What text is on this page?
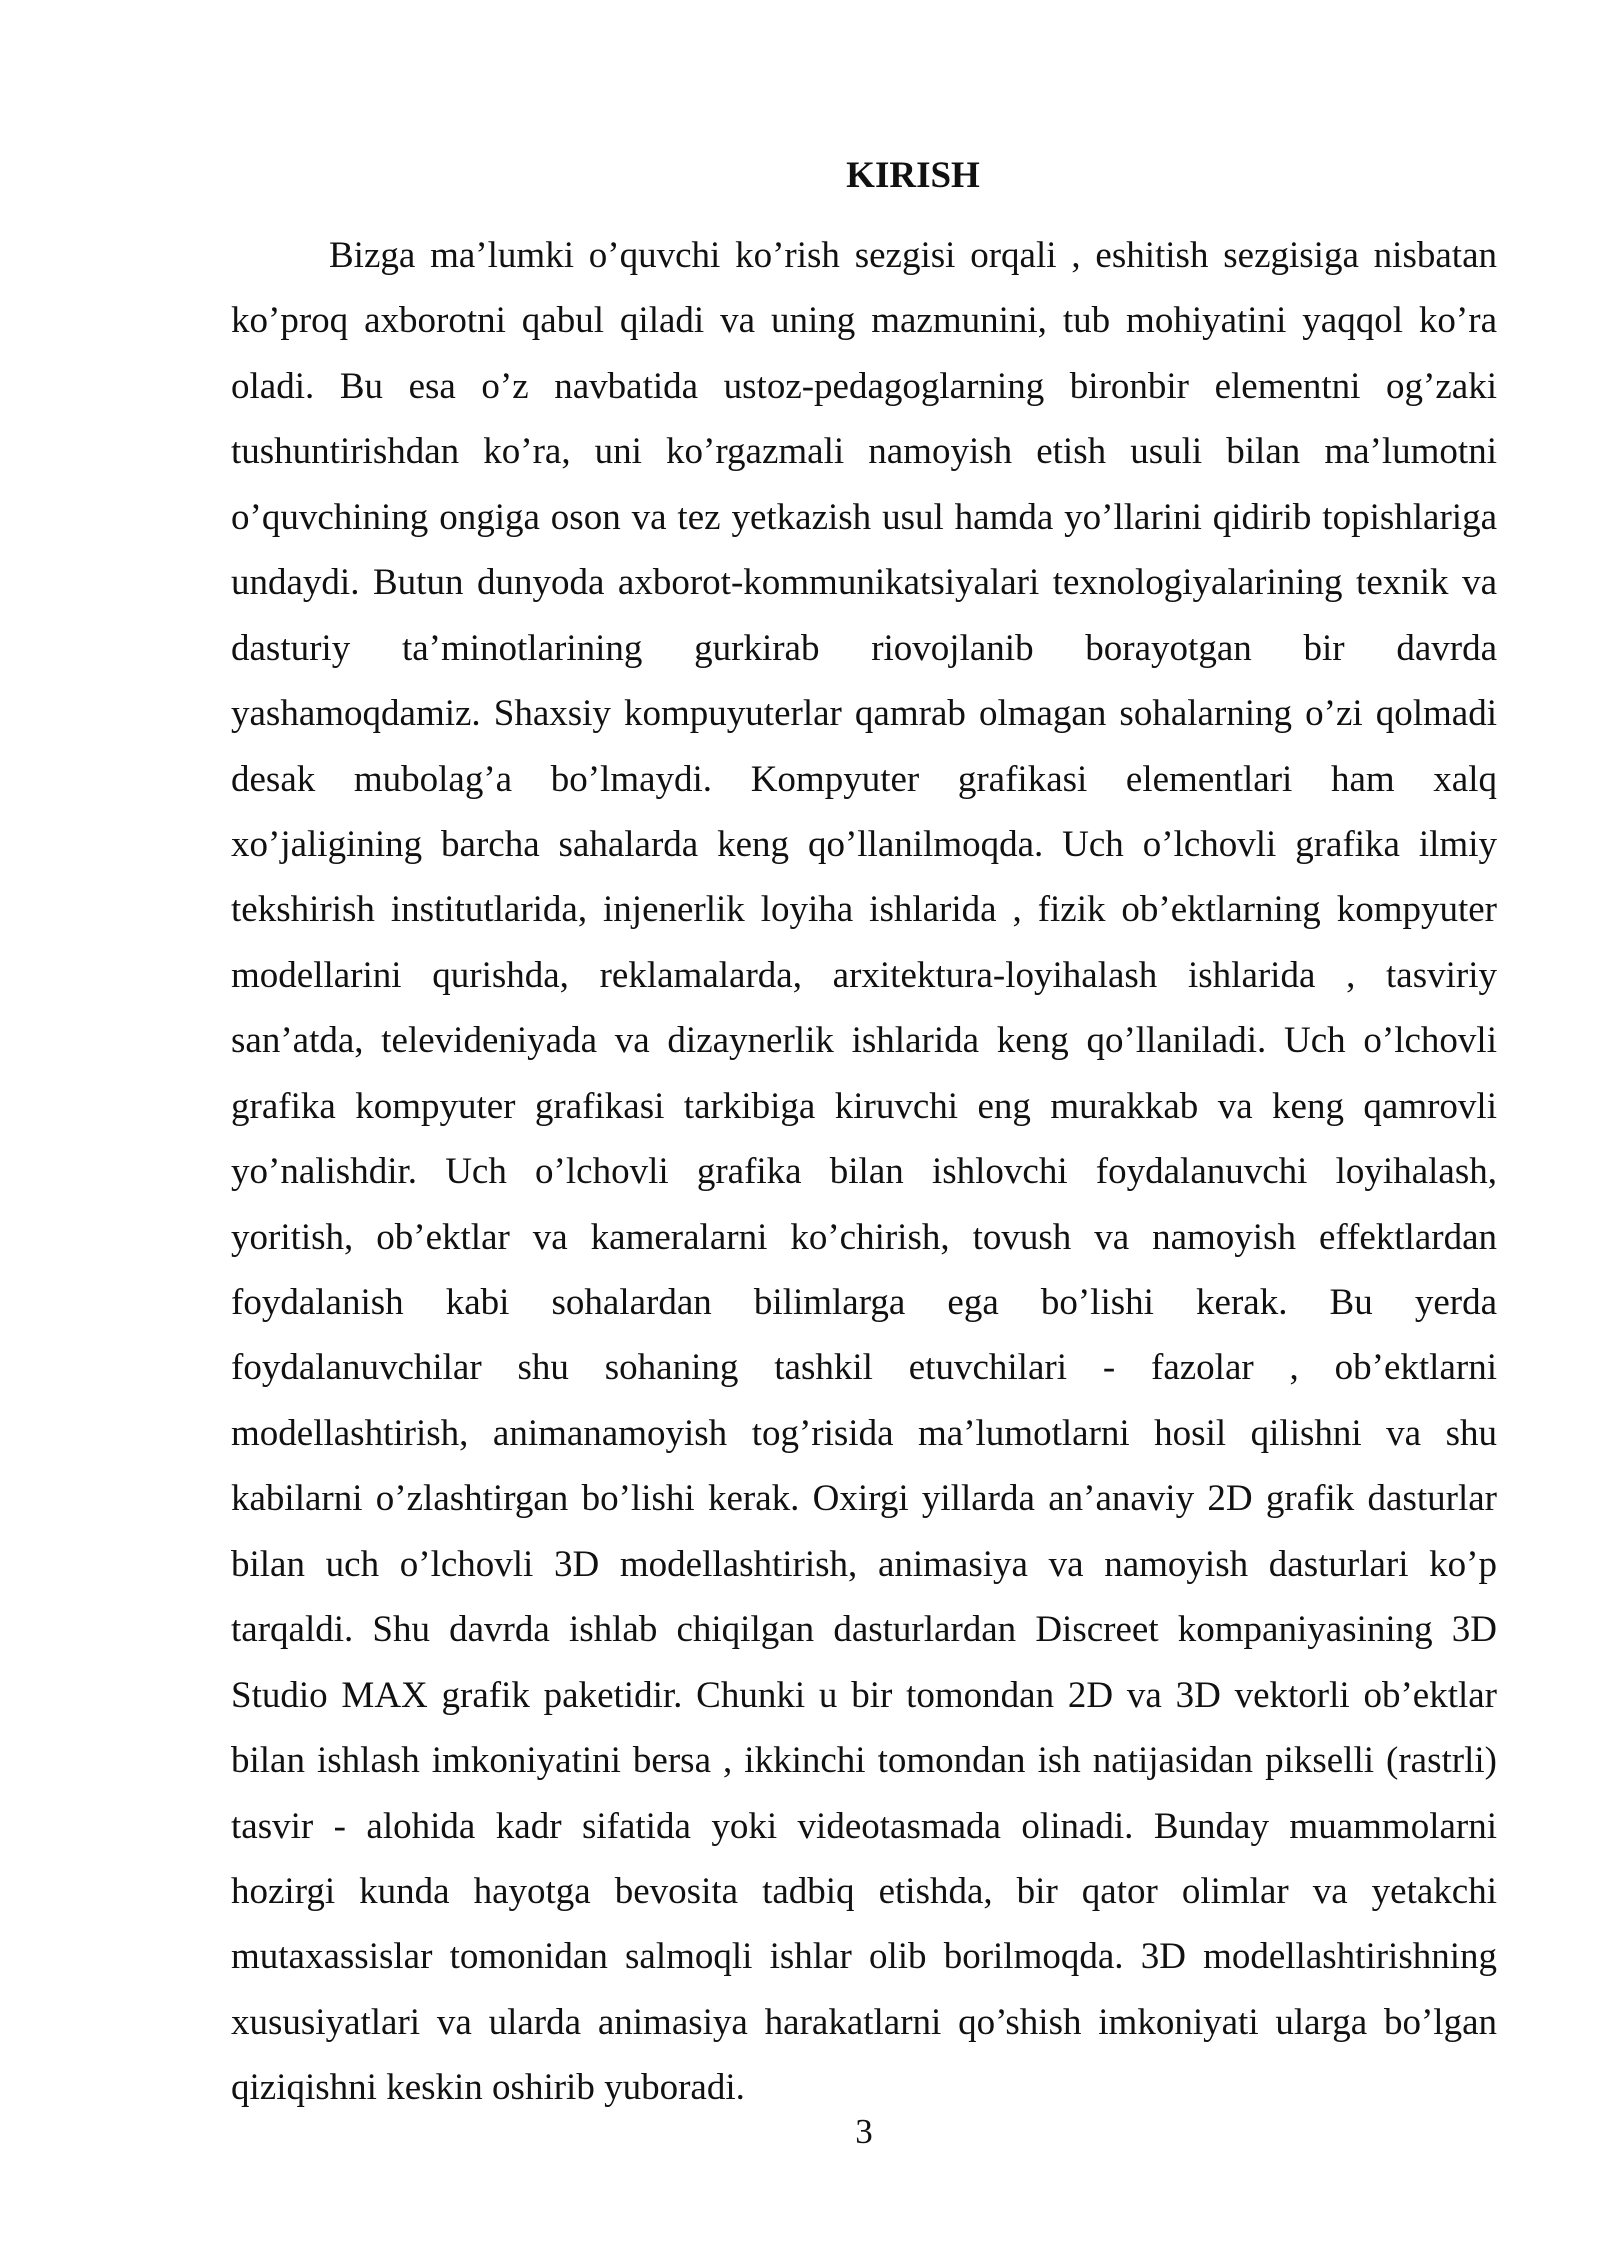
KIRISH
Bizga ma’lumki o’quvchi ko’rish sezgisi orqali , eshitish sezgisiga nisbatan
ko’proq axborotni qabul qiladi va uning mazmunini, tub mohiyatini yaqqol ko’ra
oladi. Bu esa o’z navbatida ustoz-pedagoglarning bironbir elementni og’zaki
tushuntirishdan ko’ra, uni ko’rgazmali namoyish etish usuli bilan ma’lumotni
o’quvchining ongiga oson va tez yetkazish usul hamda yo’llarini qidirib topishlariga
undaydi. Butun dunyoda axborot-kommunikatsiyalari texnologiyalarining texnik va
dasturiy ta’minotlarining gurkirab riovojlanib borayotgan bir davrda
yashamoqdamiz. Shaxsiy kompuyuterlar qamrab olmagan sohalarning o’zi qolmadi
desak mubolag’a bo’lmaydi. Kompyuter grafikasi elementlari ham xalq
xo’jaligining barcha sahalarda keng qo’llanilmoqda. Uch o’lchovli grafika ilmiy
tekshirish institutlarida, injenerlik loyiha ishlarida , fizik ob’ektlarning kompyuter
modellarini qurishda, reklamalarda, arxitektura-loyihalash ishlarida , tasviriy
san’atda, televideniyada va dizaynerlik ishlarida keng qo’llaniladi. Uch o’lchovli
grafika kompyuter grafikasi tarkibiga kiruvchi eng murakkab va keng qamrovli
yo’nalishdir. Uch o’lchovli grafika bilan ishlovchi foydalanuvchi loyihalash,
yoritish, ob’ektlar va kameralarni ko’chirish, tovush va namoyish effektlardan
foydalanish kabi sohalardan bilimlarga ega bo’lishi kerak. Bu yerda
foydalanuvchilar shu sohaning tashkil etuvchilari - fazolar , ob’ektlarni
modellashtirish, animanamoyish tog’risida ma’lumotlarni hosil qilishni va shu
kabilarni o’zlashtirgan bo’lishi kerak. Oxirgi yillarda an’anaviy 2D grafik dasturlar
bilan uch o’lchovli 3D modellashtirish, animasiya va namoyish dasturlari ko’p
tarqaldi. Shu davrda ishlab chiqilgan dasturlardan Discreet kompaniyasining 3D
Studio MAX grafik paketidir. Chunki u bir tomondan 2D va 3D vektorli ob’ektlar
bilan ishlash imkoniyatini bersa , ikkinchi tomondan ish natijasidan pikselli (rastrli)
tasvir - alohida kadr sifatida yoki videotasmada olinadi. Bunday muammolarni
hozirgi kunda hayotga bevosita tadbiq etishda, bir qator olimlar va yetakchi
mutaxassislar tomonidan salmoqli ishlar olib borilmoqda. 3D modellashtirishning
xususiyatlari va ularda animasiya harakatlarni qo’shish imkoniyati ularga bo’lgan
qiziqishni keskin oshirib yuboradi.
3
